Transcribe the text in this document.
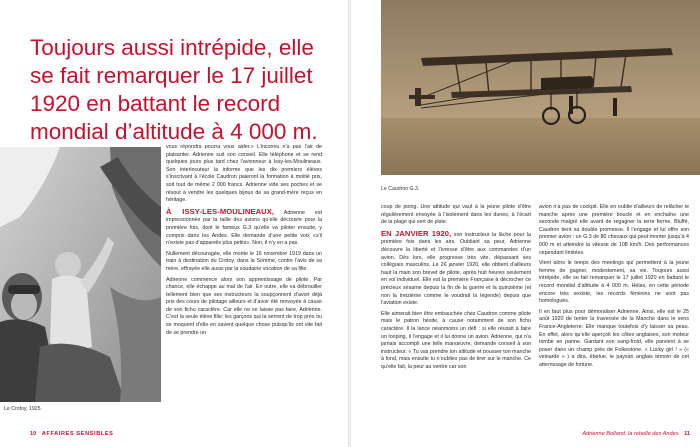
Toujours aussi intrépide, elle se fait remarquer le 17 juillet 1920 en battant le record mondial d’altitude à 4 000 m.

Le Crotoy, 1925.

vous répondra pourra vous aider.» L’inconnu n’a pas l’air de plaisanter. Adrienne suit son conseil. Elle téléphone et se rend quelques jours plus tard chez l’avionneur à Issy-les-Moulineaux. Son interlocuteur la informe que les dix premiers élèves s’inscrivant à l’école Caudron paieront la formation à moitié prix, soit tout de même 2 000 francs. Adrienne vide ses poches et se résout à vendre les quelques bijoux de sa grand-mère reçus en héritage.

À ISSY-LES-MOULINEAUX, Adrienne est impressionnée par la taille des avions qu’elle découvre pour la première fois, dont le fameux G.3 qu’elle va piloter ensuite, y compris dans les Andes. Elle demande d’une petite voix «s’il n’existe pas d’appareils plus petits». Non, il n’y en a pas.

Nullement découragée, elle monte le 16 novembre 1919 dans un train à destination du Crotoy, dans la Somme, contre l’avis de sa mère, effrayée elle aussi par la soudaine vocation de sa fille.

Adrienne commence alors son apprentissage de pilote. Par chance, elle échappe au mal de l’air. En outre, elle va débrouiller tellement bien que ses instructeurs la soupçonnent d’avoir déjà pris des cours de pilotage ailleurs et d’avoir été renvoyée à cause de son fichu caractère. Car elle ne se laisse pas faire, Adrienne. C’est la seule élève fille; les garçons qui la serrent de trop près ou se moquent d’elle en savent quelque chose puisqu’ils ont vite fait de se prendre un

10 AFFAIRES SENSIBLES

Le Caudron G.3.

coup de poing. Une attitude qui vaut à la jeune pilote d’être régulièrement envoyée à l’isolement dans les dunes, à l’écart de la plage qui sert de piste.

EN JANVIER 1920, son instructeur la lâche pour la première fois dans les airs. Oubliant sa peur, Adrienne découvre la liberté et l’ivresse d’être aux commandes d’un avion. Dès lors, elle progresse très vite, dépassant ses collègues masculins. Le 26 janvier 1920, elle obtient d’ailleurs haut la main son brevet de pilote, après huit heures seulement en vol individuel. Elle est la première Française à décrocher ce précieux sésame depuis la fin de la guerre et la quinzième (et non la treizième comme le voudrait la légende) depuis que l’aviation existe.

Elle aimerait bien être embauchée chez Caudron comme pilote mais le patron hésite, à cause notamment de son fichu caractère. Il la lance néanmoins un défi : si elle réussit à faire un looping, il l’engage et il lui donne un avion. Adrienne, qui n’a jamais accompli une telle manœuvre, demande conseil à son instructeur. « Tu vas prendre ton altitude et pousser ton manche à fond, mais ensuite tu n’oublies pas de tirer sur le manche. Ce qu’elle fait, la peur au ventre car son

avion n’a pas de cockpit. Elle en oublie d’ailleurs de relâcher le manche après une première boucle et en enchaîne une seconde malgré elle avant de regagner la terre ferme. Bluffé, Caudron tient sa double promesse. Il l’engage et lui offre son premier avion : un G.3 de 80 chevaux qui peut monter jusqu’à 4 000 m et atteindre la vitesse de 108 km/h. Des performances cependant limitées.

Vient alors le temps des meetings qui permettent à la jeune femme de gagner, modestement, sa vie. Toujours aussi intrépide, elle se fait remarquer le 17 juillet 1920 en battant le record mondial d’altitude à 4 000 m. Hélas, en cette période encore très sexiste, les records féminins ne sont pas homologués.

Il en faut plus pour démoraliser Adrienne. Ainsi, elle est le 25 août 1920 de tenter la traversée de la Manche dans le sens France-Angleterre. Elle manque toutefois d’y laisser sa peau. En effet, alors qu’elle aperçoit les côtes anglaises, son moteur tombe en panne. Gardant son sang-froid, elle parvient à se poser dans un champ près de Folkestone. « Lucky girl ! » (« veinarde » ) a dira, ébetue, le paysan anglais témoin de cet atterrissage de fortune.

Adrienne Bolland, la rebelle des Andes 11
